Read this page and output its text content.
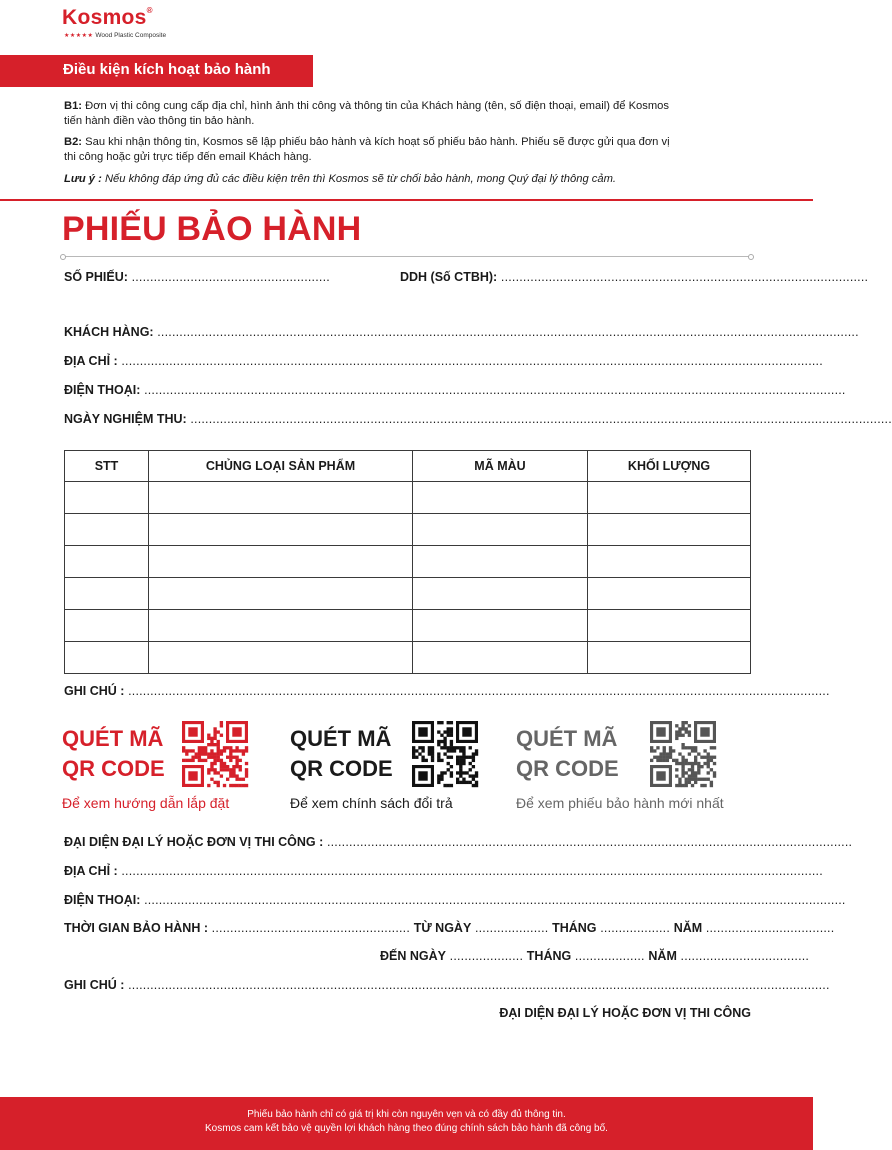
Kosmos®
★★★★★ Wood Plastic Composite
Điều kiện kích hoạt bảo hành
B1: Đơn vị thi công cung cấp địa chỉ, hình ảnh thi công và thông tin của Khách hàng (tên, số điện thoại, email) để Kosmos
tiến hành điền vào thông tin bảo hành.
B2: Sau khi nhận thông tin, Kosmos sẽ lập phiếu bảo hành và kích hoạt số phiếu bảo hành. Phiếu sẽ được gửi qua đơn vị
thi công hoặc gửi trực tiếp đến email Khách hàng.
Lưu ý : Nếu không đáp ứng đủ các điều kiện trên thì Kosmos sẽ từ chối bảo hành, mong Quý đại lý thông cảm.
PHIẾU BẢO HÀNH
SỐ PHIẾU: ......................................................	DDH (Số CTBH): ....................................................................................................
KHÁCH HÀNG: ...............................................................................................................................................................................................
ĐỊA CHỈ : ...............................................................................................................................................................................................
ĐIỆN THOẠI: ...............................................................................................................................................................................................
NGÀY NGHIỆM THU: ...............................................................................................................................................................................................
STT	CHỦNG LOẠI SẢN PHẨM	MÃ MÀU	KHỐI LƯỢNG

GHI CHÚ : ...............................................................................................................................................................................................
QUÉT MÃ
QR CODE
Để xem hướng dẫn lắp đặt
QUÉT MÃ
QR CODE
Để xem chính sách đổi trả
QUÉT MÃ
QR CODE
Để xem phiếu bảo hành mới nhất
ĐẠI DIỆN ĐẠI LÝ HOẶC ĐƠN VỊ THI CÔNG : ...............................................................................................................................................
ĐỊA CHỈ : ...............................................................................................................................................................................................
ĐIỆN THOẠI: ...............................................................................................................................................................................................
THỜI GIAN BẢO HÀNH : ...................................................... TỪ NGÀY .................... THÁNG ................... NĂM ...................................
ĐẾN NGÀY .................... THÁNG ................... NĂM ...................................
GHI CHÚ : ...............................................................................................................................................................................................
ĐẠI DIỆN ĐẠI LÝ HOẶC ĐƠN VỊ THI CÔNG
Phiếu bảo hành chỉ có giá trị khi còn nguyên vẹn và có đầy đủ thông tin.
Kosmos cam kết bảo vệ quyền lợi khách hàng theo đúng chính sách bảo hành đã công bố.
